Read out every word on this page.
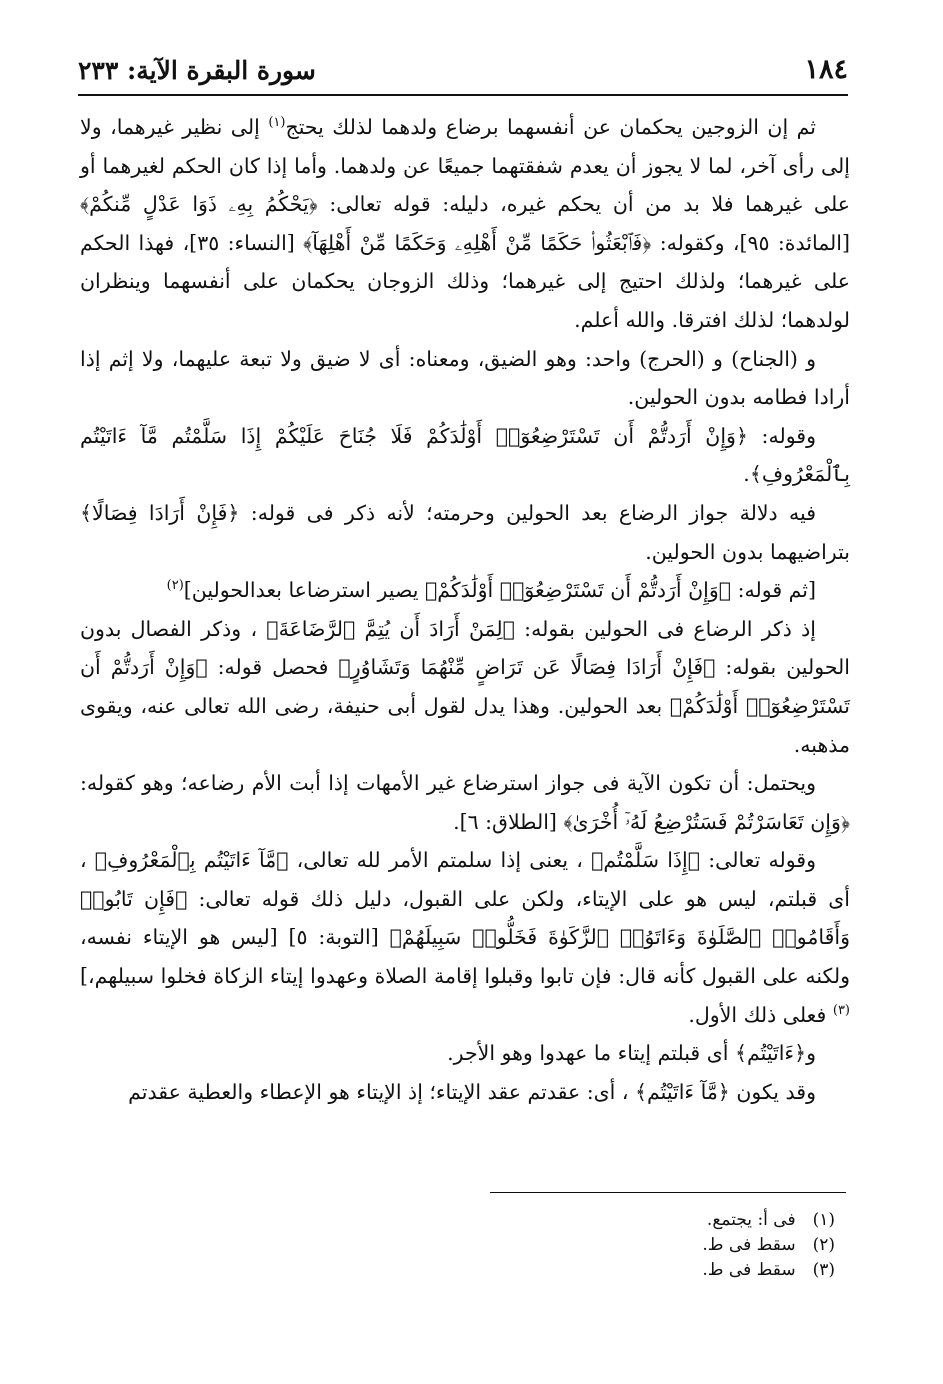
١٨٤
سورة البقرة الآية: ٢٣٣

ثم إن الزوجين يحكمان عن أنفسهما برضاع ولدهما لذلك يحتج$^{(١)}$ إلى نظير غيرهما، ولا إلى رأى آخر، لما لا يجوز أن يعدم شفقتهما جميعًا عن ولدهما. وأما إذا كان الحكم لغيرهما أو على غيرهما فلا بد من أن يحكم غيره، دليله: قوله تعالى: ﴿يَحْكُمُ بِهِۦ ذَوَا عَدْلٍ مِّنكُمْ﴾ [المائدة: ٩٥]، وكقوله: ﴿فَٱبْعَثُوا۟ حَكَمًا مِّنْ أَهْلِهِۦ وَحَكَمًا مِّنْ أَهْلِهَآ﴾ [النساء: ٣٥]، فهذا الحكم على غيرهما؛ ولذلك احتيج إلى غيرهما؛ وذلك الزوجان يحكمان على أنفسهما وينظران لولدهما؛ لذلك افترقا. والله أعلم.

و (الجناح) و (الحرج) واحد: وهو الضيق، ومعناه: أى لا ضيق ولا تبعة عليهما، ولا إثم إذا أرادا فطامه بدون الحولين.

وقوله: ﴿وَإِنْ أَرَدتُّمْ أَن تَسْتَرْضِعُوٓا۟ أَوْلَٰدَكُمْ فَلَا جُنَاحَ عَلَيْكُمْ إِذَا سَلَّمْتُم مَّآ ءَاتَيْتُم بِٱلْمَعْرُوفِ﴾.

فيه دلالة جواز الرضاع بعد الحولين وحرمته؛ لأنه ذكر فى قوله: ﴿فَإِنْ أَرَادَا فِصَالًا﴾ بتراضيهما بدون الحولين.

[ثم قوله: ﴿وَإِنْ أَرَدتُّمْ أَن تَسْتَرْضِعُوٓا۟ أَوْلَٰدَكُمْ﴾ يصير استرضاعا بعدالحولين]$^{(٢)}$

إذ ذكر الرضاع فى الحولين بقوله: ﴿لِمَنْ أَرَادَ أَن يُتِمَّ ٱلرَّضَاعَةَ﴾ ، وذكر الفصال بدون الحولين بقوله: ﴿فَإِنْ أَرَادَا فِصَالًا عَن تَرَاضٍ مِّنْهُمَا وَتَشَاوُرٍ﴾ فحصل قوله: ﴿وَإِنْ أَرَدتُّمْ أَن تَسْتَرْضِعُوٓا۟ أَوْلَٰدَكُمْ﴾ بعد الحولين. وهذا يدل لقول أبى حنيفة، رضى الله تعالى عنه، ويقوى مذهبه.

ويحتمل: أن تكون الآية فى جواز استرضاع غير الأمهات إذا أبت الأم رضاعه؛ وهو كقوله: ﴿وَإِن تَعَاسَرْتُمْ فَسَتُرْضِعُ لَهُۥٓ أُخْرَىٰ﴾ [الطلاق: ٦].

وقوله تعالى: ﴿إِذَا سَلَّمْتُم﴾ ، يعنى إذا سلمتم الأمر لله تعالى، ﴿مَّآ ءَاتَيْتُم بِٱلْمَعْرُوفِ﴾ ، أى قبلتم، ليس هو على الإيتاء، ولكن على القبول، دليل ذلك قوله تعالى: ﴿فَإِن تَابُوا۟ وَأَقَامُوا۟ ٱلصَّلَوٰةَ وَءَاتَوُا۟ ٱلزَّكَوٰةَ فَخَلُّوا۟ سَبِيلَهُمْ﴾ [التوبة: ٥] [ليس هو الإيتاء نفسه، ولكنه على القبول كأنه قال: فإن تابوا وقبلوا إقامة الصلاة وعهدوا إيتاء الزكاة فخلوا سبيلهم،]$^{(٣)}$ فعلى ذلك الأول.

و﴿ءَاتَيْتُم﴾ أى قبلتم إيتاء ما عهدوا وهو الأجر.

وقد يكون ﴿مَّآ ءَاتَيْتُم﴾ ، أى: عقدتم عقد الإيتاء؛ إذ الإيتاء هو الإعطاء والعطية عقدتم

(١) فى أ: يجتمع.

(٢) سقط فى ط.

(٣) سقط فى ط.
